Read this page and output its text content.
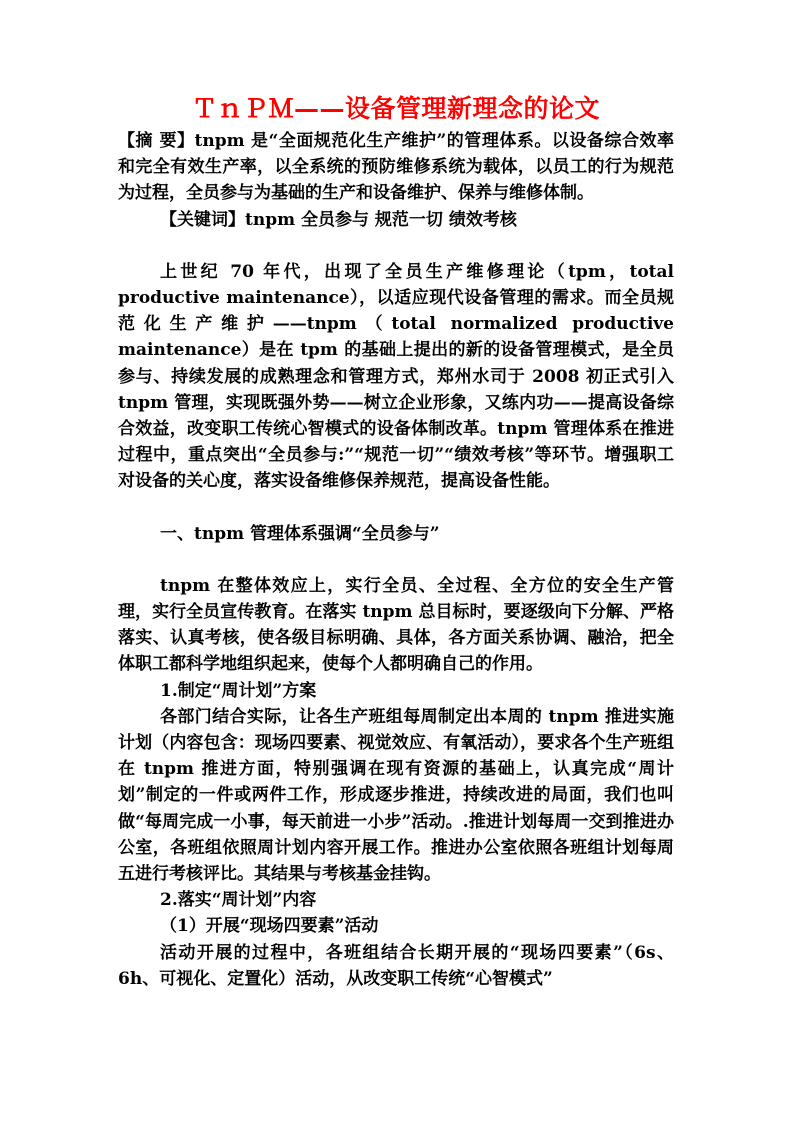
ＴｎＰＭ——设备管理新理念的论文

【摘 要】tnpm 是“全面规范化生产维护”的管理体系。以设备综合效率和完全有效生产率，以全系统的预防维修系统为载体，以员工的行为规范为过程，全员参与为基础的生产和设备维护、保养与维修体制。

【关键词】tnpm 全员参与 规范一切 绩效考核

上世纪 70 年代，出现了全员生产维修理论（tpm，total productive maintenance），以适应现代设备管理的需求。而全员规范化生产维护——tnpm（total normalized productive maintenance）是在 tpm 的基础上提出的新的设备管理模式，是全员参与、持续发展的成熟理念和管理方式，郑州水司于 2008 初正式引入 tnpm 管理，实现既强外势——树立企业形象，又练内功——提高设备综合效益，改变职工传统心智模式的设备体制改革。tnpm 管理体系在推进过程中，重点突出“全员参与:”“规范一切”“绩效考核”等环节。增强职工对设备的关心度，落实设备维修保养规范，提高设备性能。

一、tnpm 管理体系强调“全员参与”

tnpm 在整体效应上，实行全员、全过程、全方位的安全生产管理，实行全员宣传教育。在落实 tnpm 总目标时，要逐级向下分解、严格落实、认真考核，使各级目标明确、具体，各方面关系协调、融洽，把全体职工都科学地组织起来，使每个人都明确自己的作用。

1.制定“周计划”方案

各部门结合实际，让各生产班组每周制定出本周的 tnpm 推进实施计划（内容包含：现场四要素、视觉效应、有氧活动），要求各个生产班组在 tnpm 推进方面，特别强调在现有资源的基础上，认真完成“周计划”制定的一件或两件工作，形成逐步推进，持续改进的局面，我们也叫做“每周完成一小事，每天前进一小步”活动。.推进计划每周一交到推进办公室，各班组依照周计划内容开展工作。推进办公室依照各班组计划每周五进行考核评比。其结果与考核基金挂钩。

2.落实“周计划”内容

（1）开展“现场四要素”活动

活动开展的过程中，各班组结合长期开展的“现场四要素”（6s、6h、可视化、定置化）活动，从改变职工传统“心智模式”
